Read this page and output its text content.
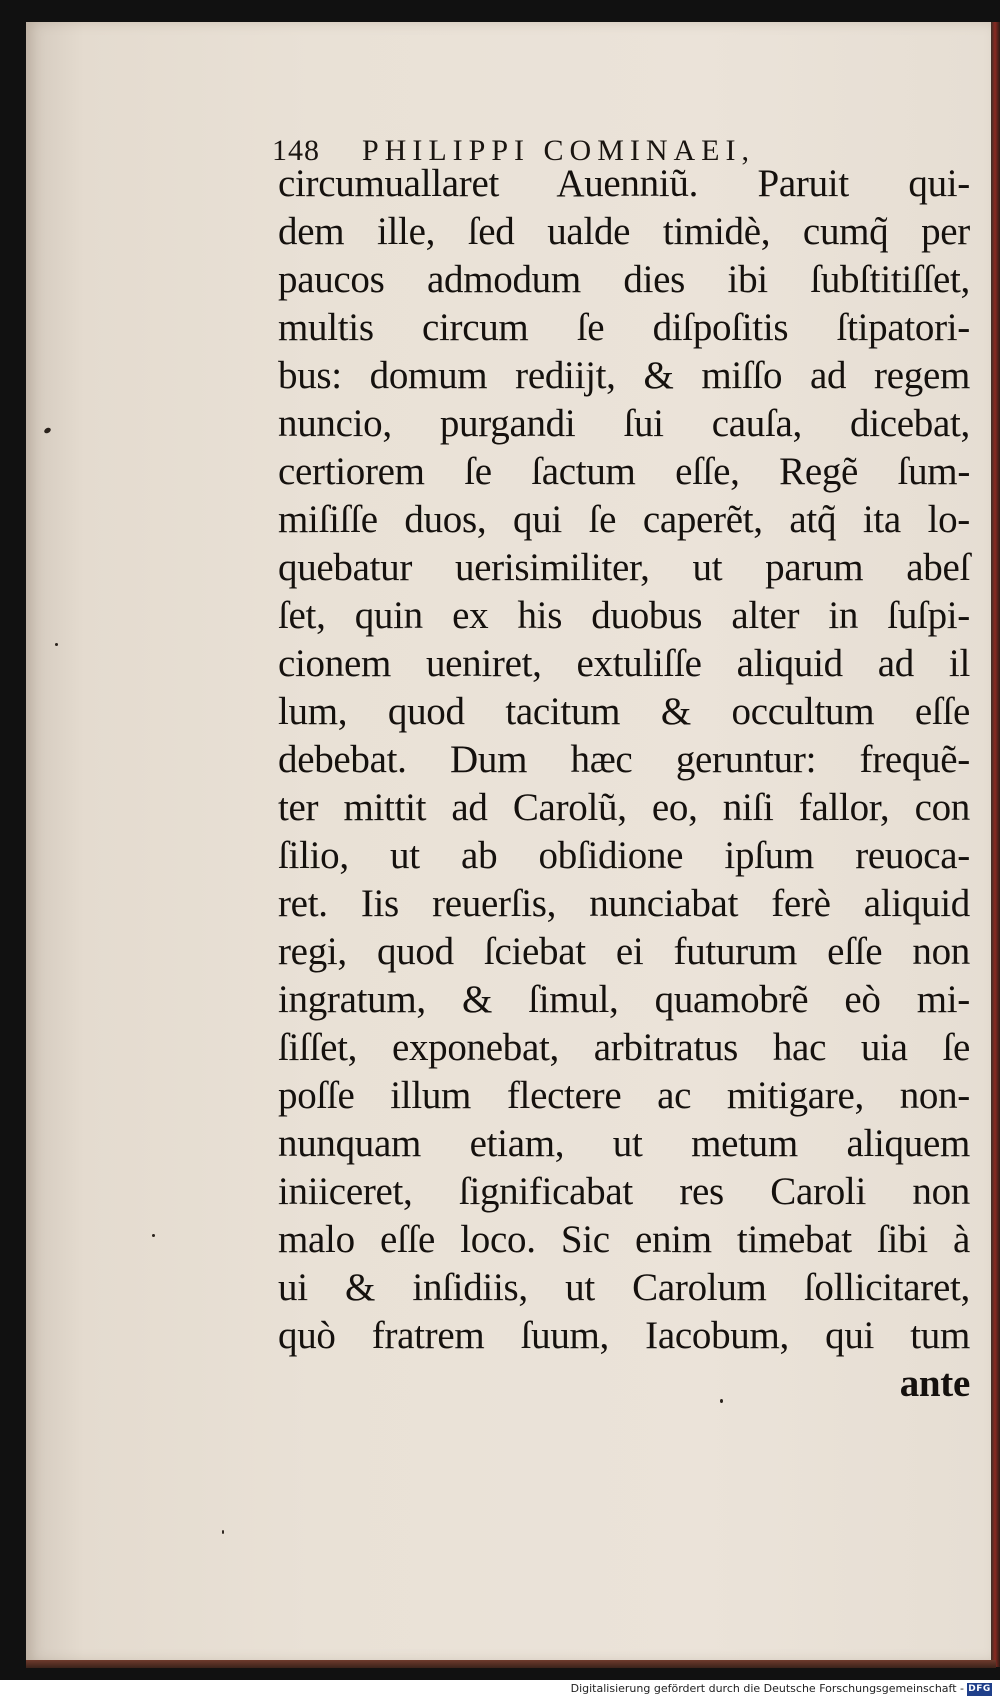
148 PHILIPPI COMINAEI,
circumuallaret Auenniũ. Paruit qui-
dem ille, ſed ualde timidè, cumq̃ per
paucos admodum dies ibi ſubſtitiſſet,
multis circum ſe diſpoſitis ſtipatori-
bus: domum rediijt, & miſſo ad regem
nuncio, purgandi ſui cauſa, dicebat,
certiorem ſe ſactum eſſe, Regẽ ſum-
miſiſſe duos, qui ſe caperẽt, atq̃ ita lo-
quebatur uerisimiliter, ut parum abeſ
ſet, quin ex his duobus alter in ſuſpi-
cionem ueniret, extuliſſe aliquid ad il
lum, quod tacitum & occultum eſſe
debebat. Dum hæc geruntur: frequẽ-
ter mittit ad Carolũ, eo, niſi fallor, con
ſilio, ut ab obſidione ipſum reuoca-
ret. Iis reuerſis, nunciabat ferè aliquid
regi, quod ſciebat ei futurum eſſe non
ingratum, & ſimul, quamobrẽ eò mi-
ſiſſet, exponebat, arbitratus hac uia ſe
poſſe illum flectere ac mitigare, non-
nunquam etiam, ut metum aliquem
iniiceret, ſignificabat res Caroli non
malo eſſe loco. Sic enim timebat ſibi à
ui & inſidiis, ut Carolum ſollicitaret,
quò fratrem ſuum, Iacobum, qui tum
ante
Digitalisierung gefördert durch die Deutsche Forschungsgemeinschaft - DFG
